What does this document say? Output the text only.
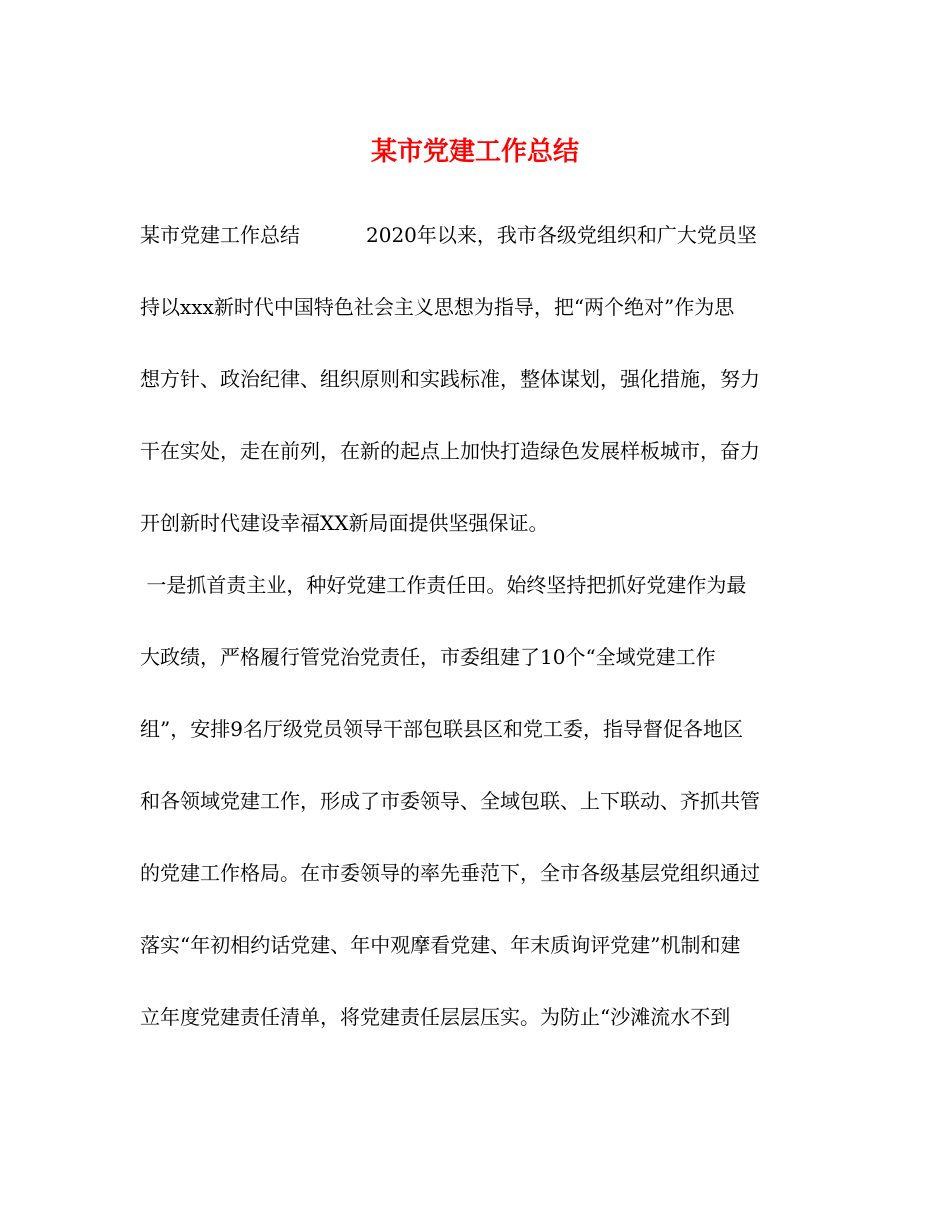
某市党建工作总结
某市党建工作总结	2020年以来，我市各级党组织和广大党员坚
持以xxx新时代中国特色社会主义思想为指导，把“两个绝对”作为思
想方针、政治纪律、组织原则和实践标准，整体谋划，强化措施，努力
干在实处，走在前列，在新的起点上加快打造绿色发展样板城市，奋力
开创新时代建设幸福XX新局面提供坚强保证。
一是抓首责主业，种好党建工作责任田。始终坚持把抓好党建作为最
大政绩，严格履行管党治党责任，市委组建了10个“全域党建工作
组”，安排9名厅级党员领导干部包联县区和党工委，指导督促各地区
和各领域党建工作，形成了市委领导、全域包联、上下联动、齐抓共管
的党建工作格局。在市委领导的率先垂范下，全市各级基层党组织通过
落实“年初相约话党建、年中观摩看党建、年末质询评党建”机制和建
立年度党建责任清单，将党建责任层层压实。为防止“沙滩流水不到
